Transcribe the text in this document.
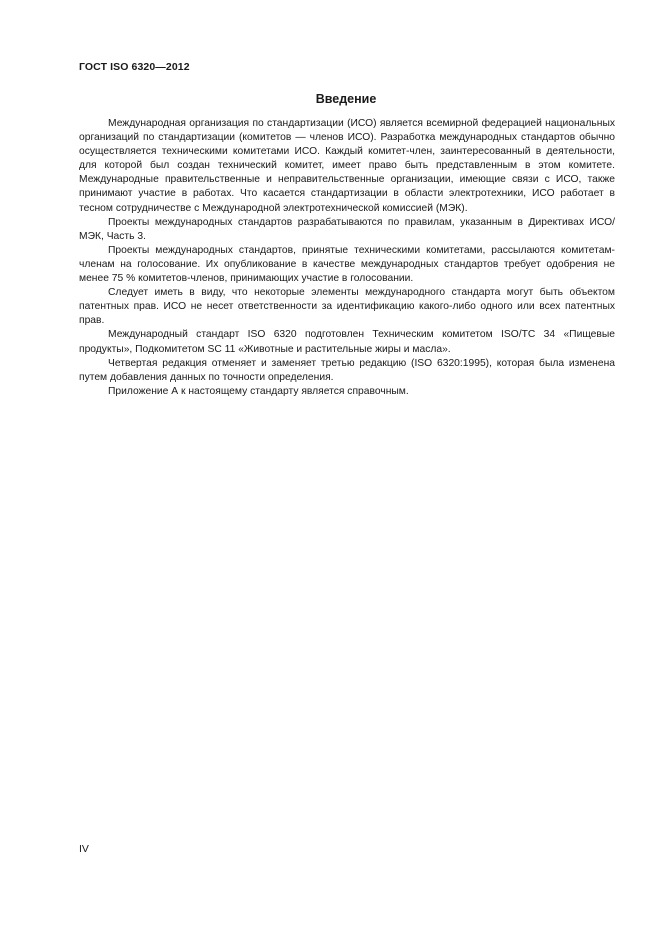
ГОСТ ISO 6320—2012
Введение

Международная организация по стандартизации (ИСО) является всемирной федерацией национальных организаций по стандартизации (комитетов — членов ИСО). Разработка международных стандартов обычно осуществляется техническими комитетами ИСО. Каждый комитет-член, заинтересованный в деятельности, для которой был создан технический комитет, имеет право быть представленным в этом комитете. Международные правительственные и неправительственные организации, имеющие связи с ИСО, также принимают участие в работах. Что касается стандартизации в области электротехники, ИСО работает в тесном сотрудничестве с Международной электротехнической комиссией (МЭК).

Проекты международных стандартов разрабатываются по правилам, указанным в Директивах ИСО/МЭК, Часть 3.

Проекты международных стандартов, принятые техническими комитетами, рассылаются комитетам-членам на голосование. Их опубликование в качестве международных стандартов требует одобрения не менее 75 % комитетов-членов, принимающих участие в голосовании.

Следует иметь в виду, что некоторые элементы международного стандарта могут быть объектом патентных прав. ИСО не несет ответственности за идентификацию какого-либо одного или всех патентных прав.

Международный стандарт ISO 6320 подготовлен Техническим комитетом ISO/TC 34 «Пищевые продукты», Подкомитетом SC 11 «Животные и растительные жиры и масла».

Четвертая редакция отменяет и заменяет третью редакцию (ISO 6320:1995), которая была изменена путем добавления данных по точности определения.

Приложение А к настоящему стандарту является справочным.

IV
